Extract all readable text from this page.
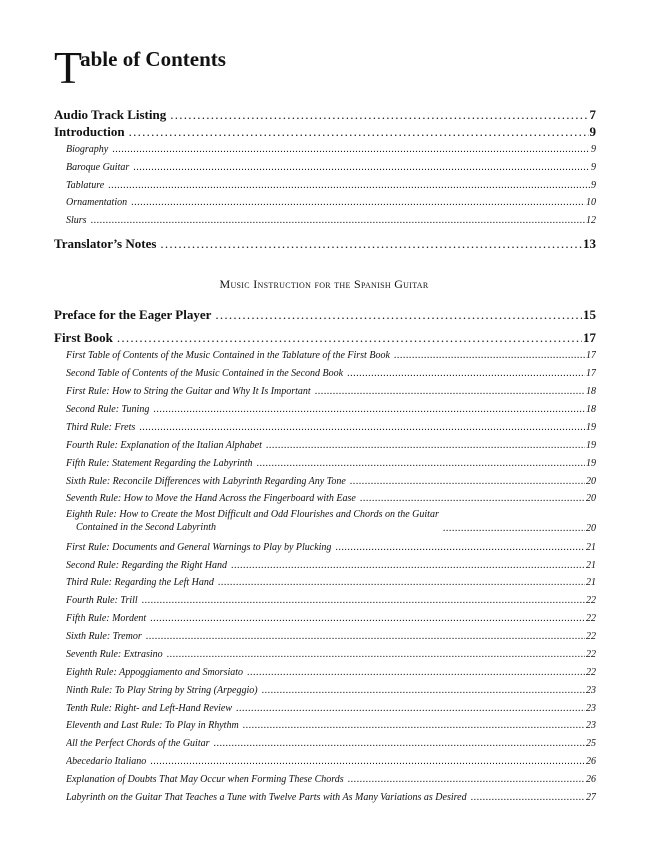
Table of Contents
Audio Track Listing . . .	7
Introduction . . .	9
Biography . . .	9
Baroque Guitar . . .	9
Tablature . . .	9
Ornamentation . . .	10
Slurs . . .	12
Translator’s Notes . . .	13
Music Instruction for the Spanish Guitar
Preface for the Eager Player . . .	15
First Book . . .	17
First Table of Contents of the Music Contained in the Tablature of the First Book . . .	17
Second Table of Contents of the Music Contained in the Second Book . . .	17
First Rule: How to String the Guitar and Why It Is Important . . .	18
Second Rule: Tuning . . .	18
Third Rule: Frets . . .	19
Fourth Rule: Explanation of the Italian Alphabet . . .	19
Fifth Rule: Statement Regarding the Labyrinth . . .	19
Sixth Rule: Reconcile Differences with Labyrinth Regarding Any Tone . . .	20
Seventh Rule: How to Move the Hand Across the Fingerboard with Ease . . .	20
Eighth Rule: How to Create the Most Difficult and Odd Flourishes and Chords on the Guitar
Contained in the Second Labyrinth . . .	20
First Rule: Documents and General Warnings to Play by Plucking . . .	21
Second Rule: Regarding the Right Hand . . .	21
Third Rule: Regarding the Left Hand . . .	21
Fourth Rule: Trill . . .	22
Fifth Rule: Mordent . . .	22
Sixth Rule: Tremor . . .	22
Seventh Rule: Extrasino . . .	22
Eighth Rule: Appoggiamento and Smorsiato . . .	22
Ninth Rule: To Play String by String (Arpeggio) . . .	23
Tenth Rule: Right- and Left-Hand Review . . .	23
Eleventh and Last Rule: To Play in Rhythm . . .	23
All the Perfect Chords of the Guitar . . .	25
Abecedario Italiano . . .	26
Explanation of Doubts That May Occur when Forming These Chords . . .	26
Labyrinth on the Guitar That Teaches a Tune with Twelve Parts with As Many Variations as Desired . . .	27
